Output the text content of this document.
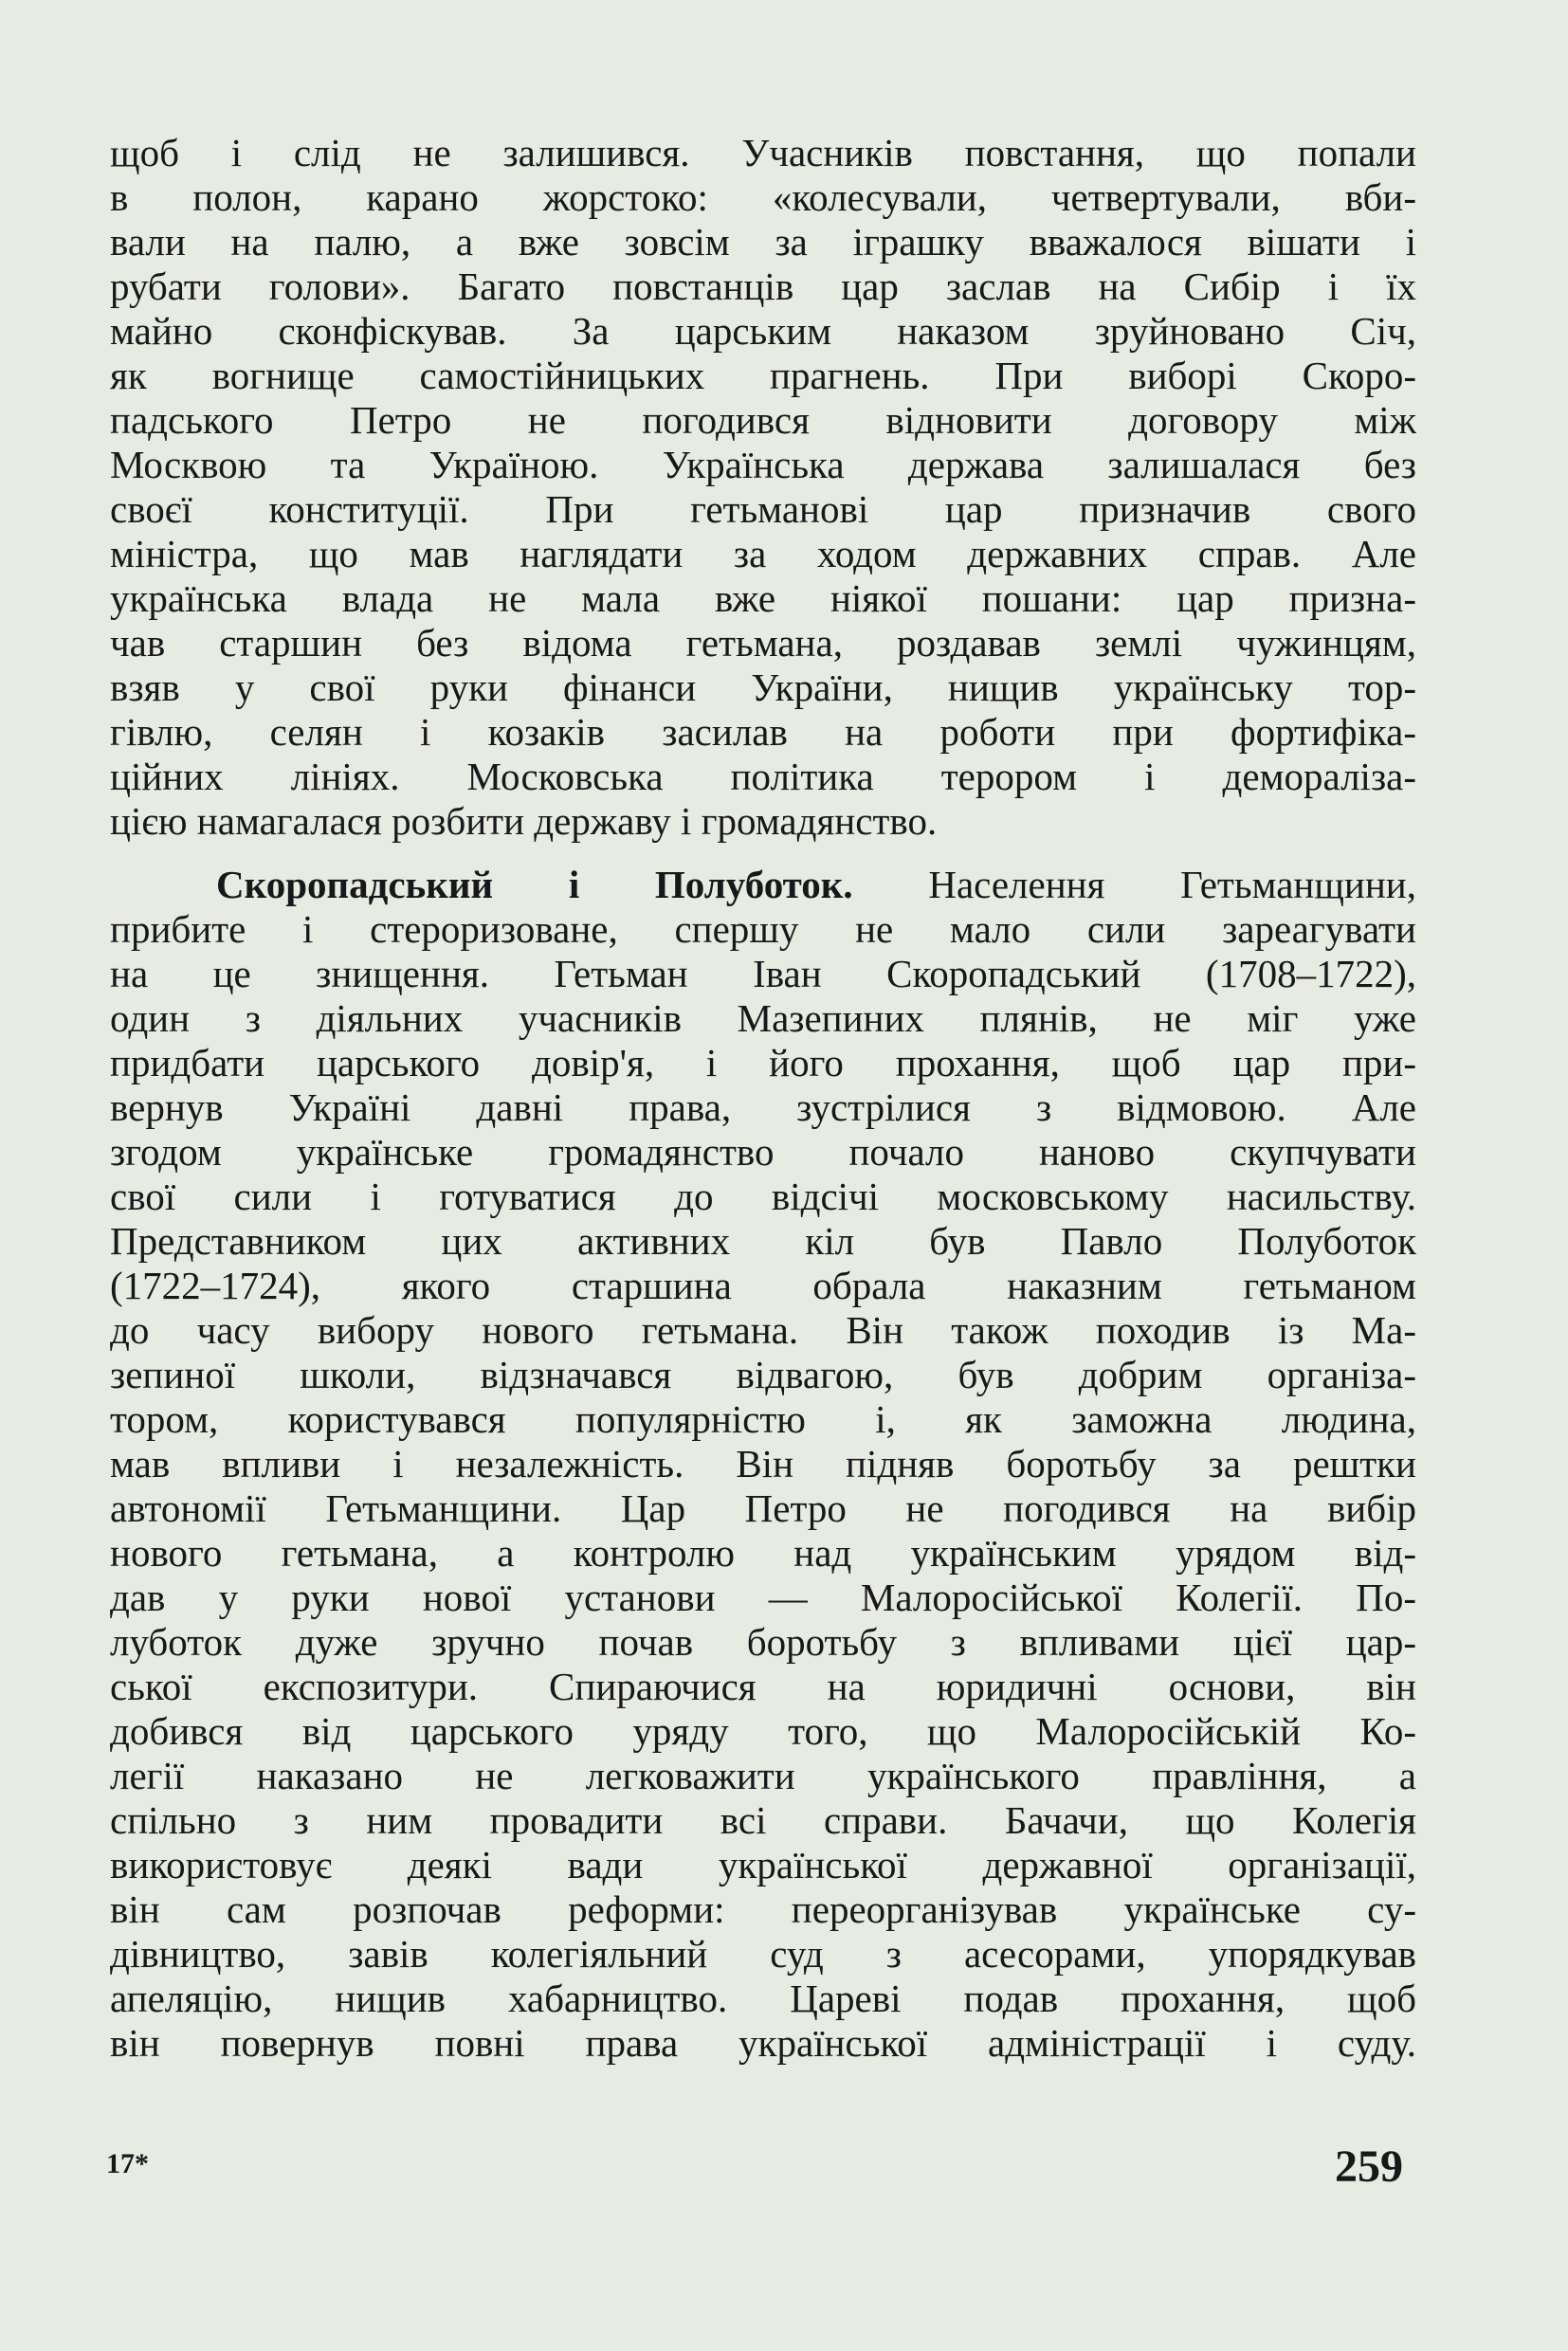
щоб і слід не залишився. Учасників повстання, що попали
в полон, карано жорстоко: «колесували, четвертували, вби-
вали на палю, а вже зовсім за іграшку вважалося вішати і
рубати голови». Багато повстанців цар заслав на Сибір і їх
майно сконфіскував. За царським наказом зруйновано Січ,
як вогнище самостійницьких прагнень. При виборі Скоро-
падського Петро не погодився відновити договору між
Москвою та Україною. Українська держава залишалася без
своєї конституції. При гетьманові цар призначив свого
міністра, що мав наглядати за ходом державних справ. Але
українська влада не мала вже ніякої пошани: цар призна-
чав старшин без відома гетьмана, роздавав землі чужинцям,
взяв у свої руки фінанси України, нищив українську тор-
гівлю, селян і козаків засилав на роботи при фортифіка-
ційних лініях. Московська політика терором і деморалізa-
цією намагалася розбити державу і громадянство.
Скоропадський і Полуботок. Населення Гетьманщини,
прибите і стероризоване, спершу не мало сили зареагувати
на це знищення. Гетьман Іван Скоропадський (1708–1722),
один з діяльних учасників Мазепиних плянів, не міг уже
придбати царського довір'я, і його прохання, щоб цар при-
вернув Україні давні права, зустрілися з відмовою. Але
згодом українське громадянство почало наново скупчувати
свої сили і готуватися до відсічі московському насильству.
Представником цих активних кіл був Павло Полуботок
(1722–1724), якого старшина обрала наказним гетьманом
до часу вибору нового гетьмана. Він також походив із Ма-
зепиної школи, відзначався відвагою, був добрим організа-
тором, користувався популярністю і, як заможна людина,
мав впливи і незалежність. Він підняв боротьбу за рештки
автономії Гетьманщини. Цар Петро не погодився на вибір
нового гетьмана, а контролю над українським урядом від-
дав у руки нової установи — Малоросійської Колегії. По-
луботок дуже зручно почав боротьбу з впливами цієї цар-
ської експозитури. Спираючися на юридичні основи, він
добився від царського уряду того, що Малоросійській Ко-
легії наказано не легковажити українського правління, а
спільно з ним провадити всі справи. Бачачи, що Колегія
використовує деякі вади української державної організації,
він сам розпочав реформи: переорганізував українське су-
дівництво, завів колегіяльний суд з асесорами, упорядкував
апеляцію, нищив хабарництво. Цареві подав прохання, щоб
він повернув повні права української адміністрації і суду.
17*	259
